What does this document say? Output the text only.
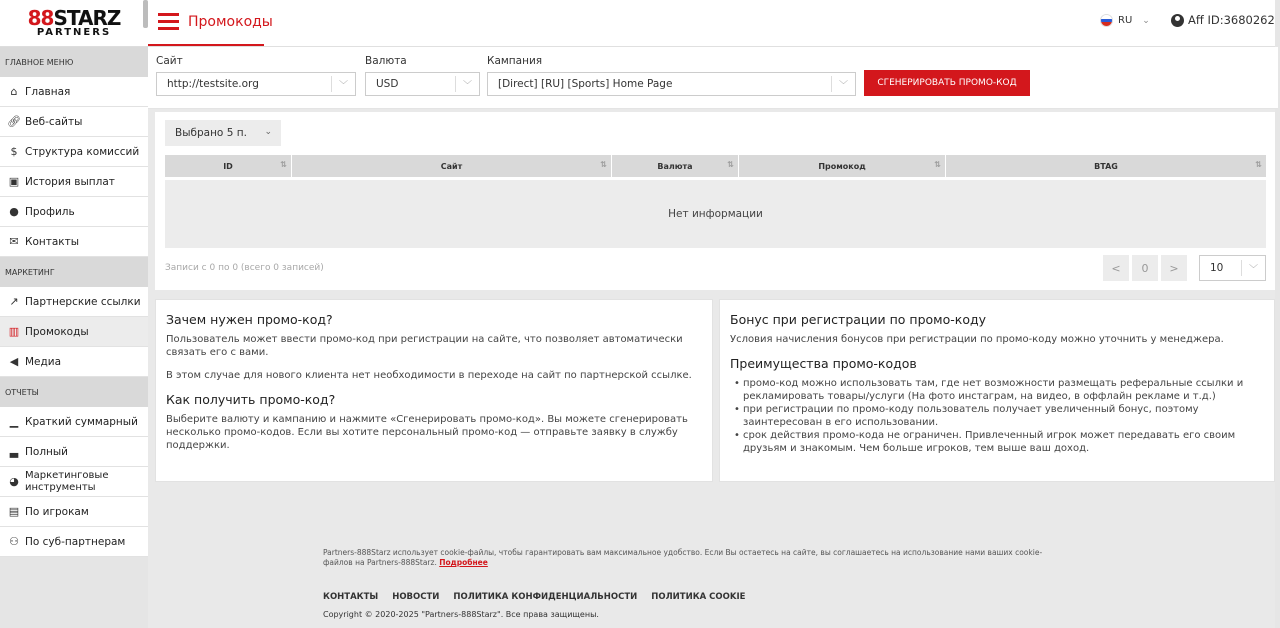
88STARZ
PARTNERS
ГЛАВНОЕ МЕНЮ
⌂ Главная
🔗︎ Веб-сайты
$ Структура комиссий
▣ История выплат
● Профиль
✉ Контакты
МАРКЕТИНГ
↗ Партнерские ссылки
▥ Промокоды
◀ Медиа
ОТЧЕТЫ
▁ Краткий суммарный
▃ Полный
◕ Маркетинговые инструменты
▤ По игрокам
⚇ По суб-партнерам
Промокоды	RU ⌄	Aff ID:3680262
Сайт
http://testsite.org	﹀
Валюта
USD	﹀
Кампания
[Direct] [RU] [Sports] Home Page	﹀	СГЕНЕРИРОВАТЬ ПРОМО-КОД
Выбрано 5 п. ⌄
ID	⇅	Сайт	⇅	Валюта	⇅	Промокод	⇅	BTAG	⇅
Нет информации
Записи с 0 по 0 (всего 0 записей)	<	0	>	10	﹀
Зачем нужен промо-код?

Пользователь может ввести промо-код при регистрации на сайте, что позволяет автоматически связать его с вами.

В этом случае для нового клиента нет необходимости в переходе на сайт по партнерской ссылке.

Как получить промо-код?

Выберите валюту и кампанию и нажмите «Сгенерировать промо-код». Вы можете сгенерировать несколько промо-кодов. Если вы хотите персональный промо-код — отправьте заявку в службу поддержки.

Бонус при регистрации по промо-коду

Условия начисления бонусов при регистрации по промо-коду можно уточнить у менеджера.

Преимущества промо-кодов
• промо-код можно использовать там, где нет возможности размещать реферальные ссылки и рекламировать товары/услуги (На фото инстаграм, на видео, в оффлайн рекламе и т.д.)
• при регистрации по промо-коду пользователь получает увеличенный бонус, поэтому заинтересован в его использовании.
• срок действия промо-кода не ограничен. Привлеченный игрок может передавать его своим друзьям и знакомым. Чем больше игроков, тем выше ваш доход.
Partners-888Starz использует cookie-файлы, чтобы гарантировать вам максимальное удобство. Если Вы остаетесь на сайте, вы соглашаетесь на использование нами ваших cookie-файлов на Partners-888Starz. Подробнее
КОНТАКТЫ НОВОСТИ ПОЛИТИКА КОНФИДЕНЦИАЛЬНОСТИ ПОЛИТИКА COOKIE
Copyright © 2020-2025 "Partners-888Starz". Все права защищены.
